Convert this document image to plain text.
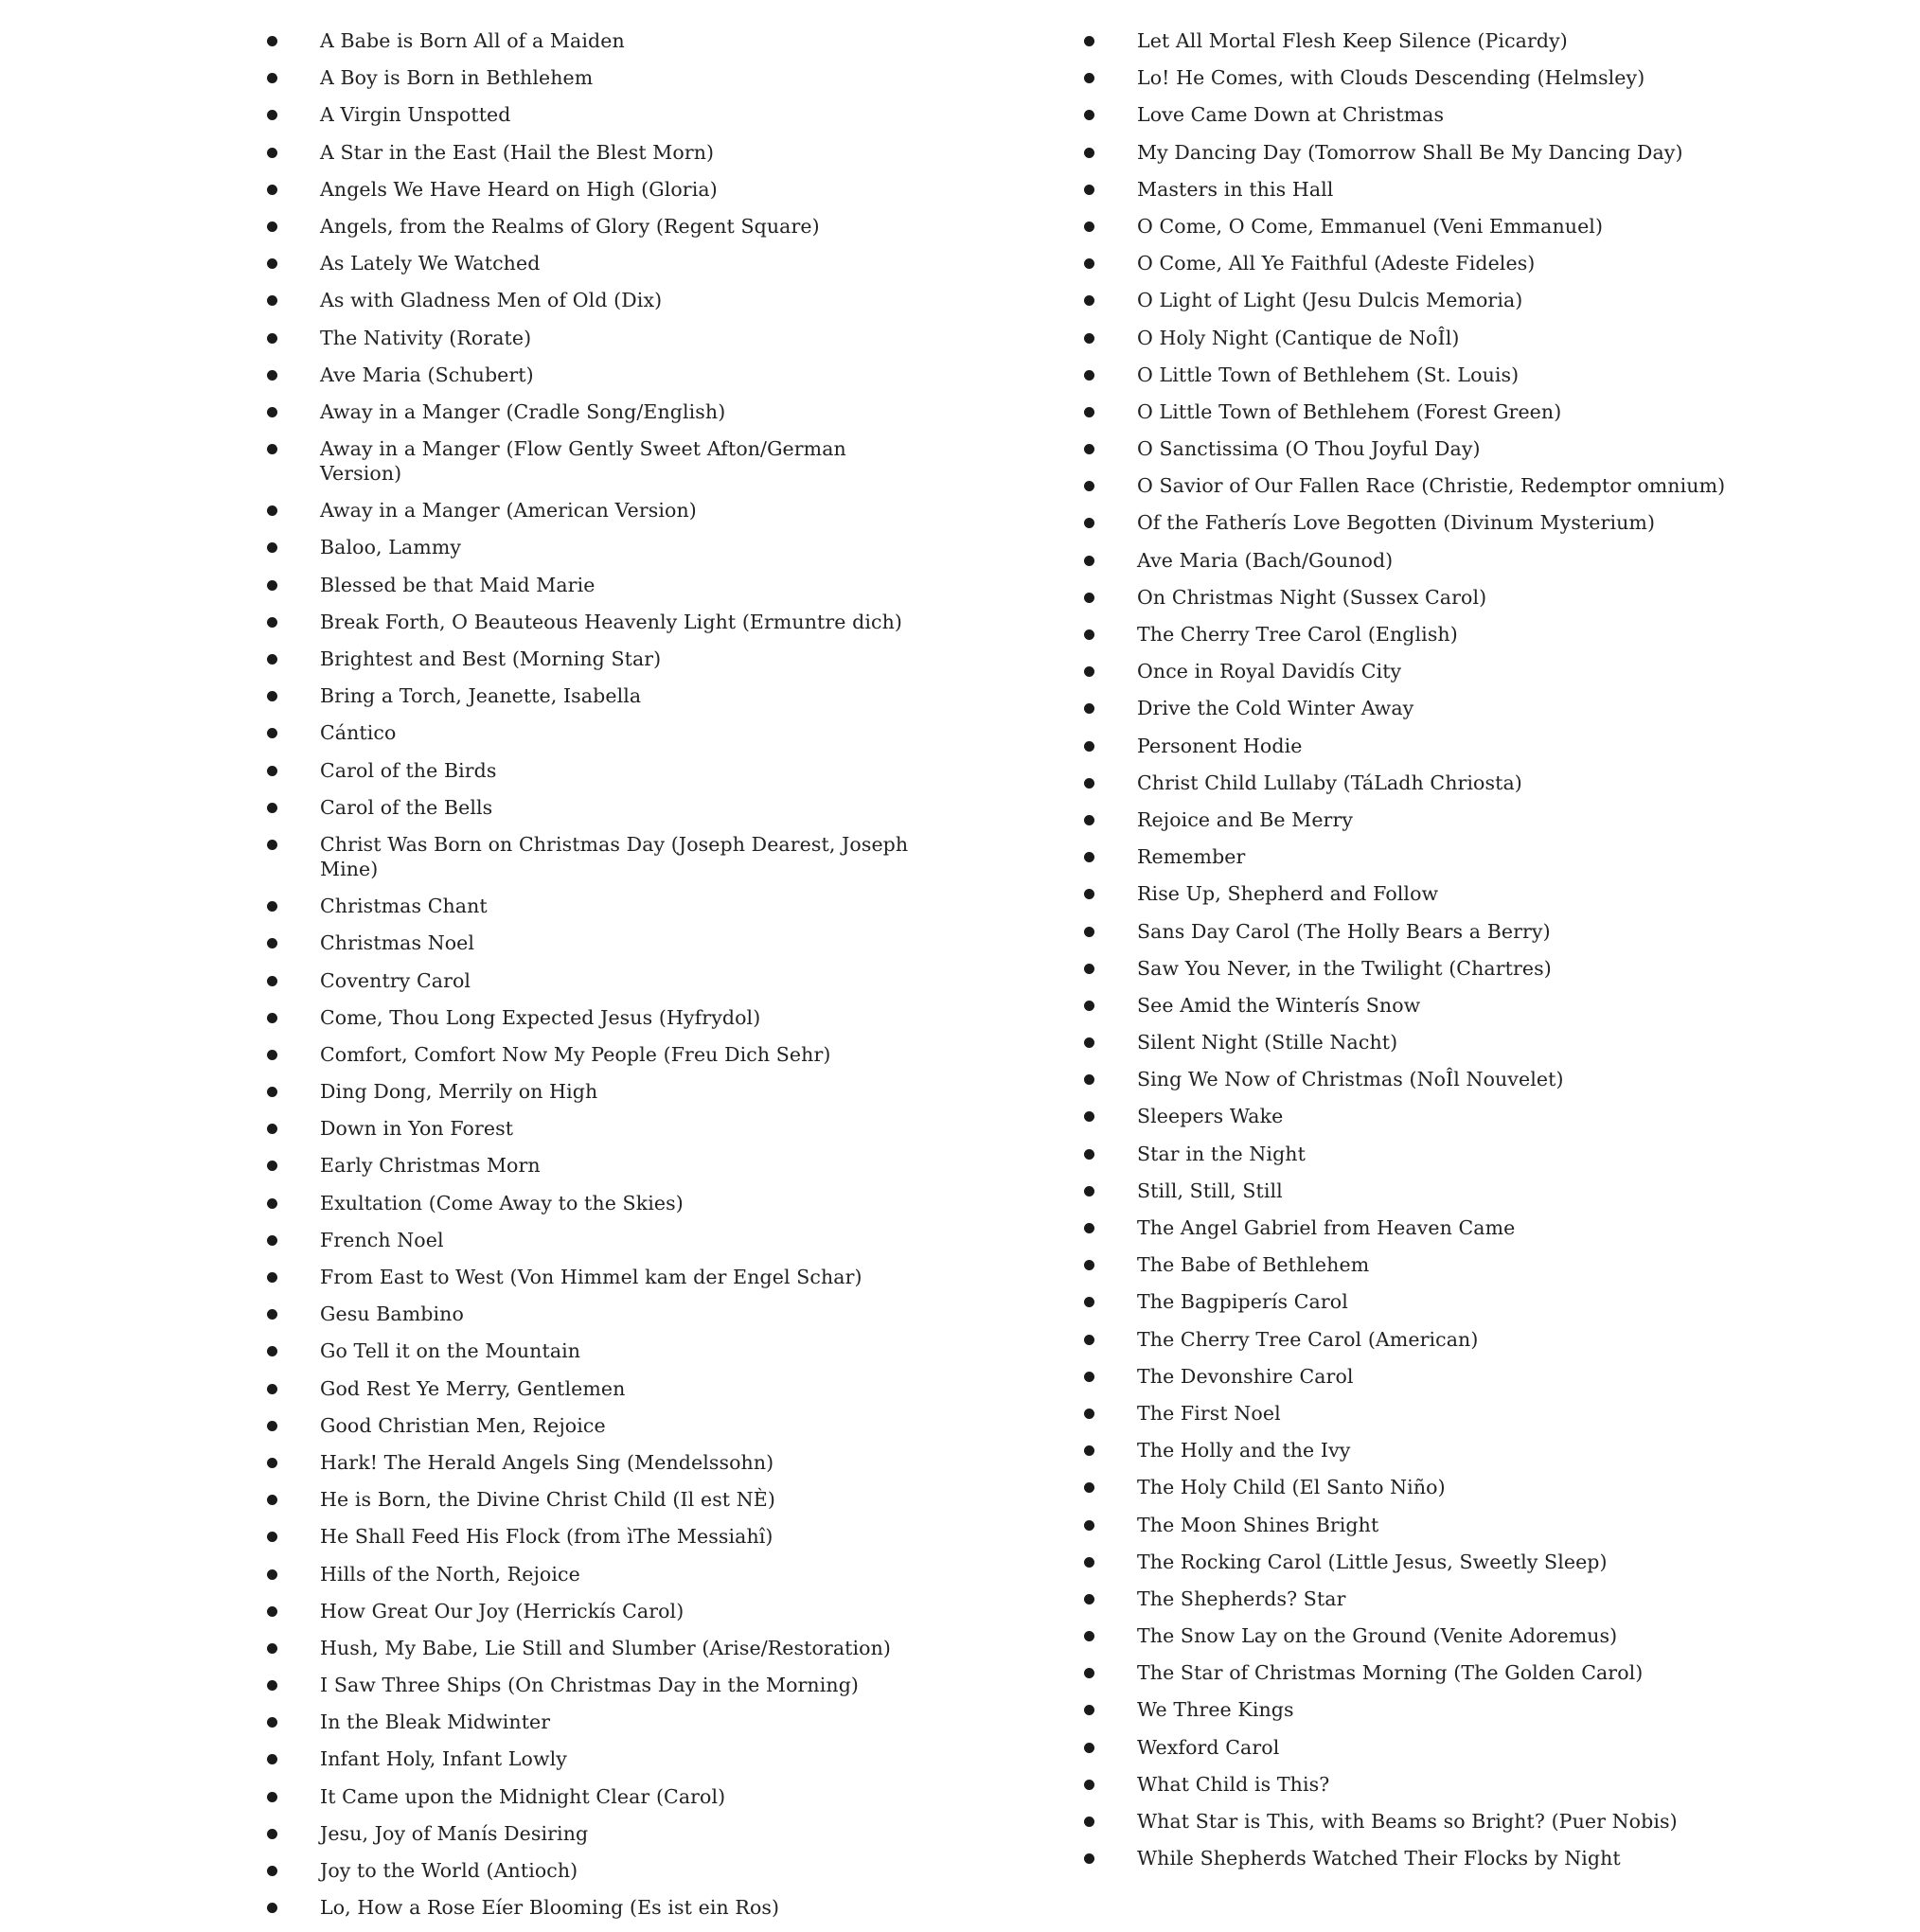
A Babe is Born All of a Maiden
A Boy is Born in Bethlehem
A Virgin Unspotted
A Star in the East (Hail the Blest Morn)
Angels We Have Heard on High (Gloria)
Angels, from the Realms of Glory (Regent Square)
As Lately We Watched
As with Gladness Men of Old (Dix)
The Nativity (Rorate)
Ave Maria (Schubert)
Away in a Manger (Cradle Song/English)
Away in a Manger (Flow Gently Sweet Afton/German Version)
Away in a Manger (American Version)
Baloo, Lammy
Blessed be that Maid Marie
Break Forth, O Beauteous Heavenly Light (Ermuntre dich)
Brightest and Best (Morning Star)
Bring a Torch, Jeanette, Isabella
Cántico
Carol of the Birds
Carol of the Bells
Christ Was Born on Christmas Day (Joseph Dearest, Joseph Mine)
Christmas Chant
Christmas Noel
Coventry Carol
Come, Thou Long Expected Jesus (Hyfrydol)
Comfort, Comfort Now My People (Freu Dich Sehr)
Ding Dong, Merrily on High
Down in Yon Forest
Early Christmas Morn
Exultation (Come Away to the Skies)
French Noel
From East to West (Von Himmel kam der Engel Schar)
Gesu Bambino
Go Tell it on the Mountain
God Rest Ye Merry, Gentlemen
Good Christian Men, Rejoice
Hark! The Herald Angels Sing (Mendelssohn)
He is Born, the Divine Christ Child (Il est NÈ)
He Shall Feed His Flock (from ìThe Messiahî)
Hills of the North, Rejoice
How Great Our Joy (Herrickís Carol)
Hush, My Babe, Lie Still and Slumber (Arise/Restoration)
I Saw Three Ships (On Christmas Day in the Morning)
In the Bleak Midwinter
Infant Holy, Infant Lowly
It Came upon the Midnight Clear (Carol)
Jesu, Joy of Manís Desiring
Joy to the World (Antioch)
Lo, How a Rose Eíer Blooming (Es ist ein Ros)
Let All Mortal Flesh Keep Silence (Picardy)
Lo! He Comes, with Clouds Descending (Helmsley)
Love Came Down at Christmas
My Dancing Day (Tomorrow Shall Be My Dancing Day)
Masters in this Hall
O Come, O Come, Emmanuel (Veni Emmanuel)
O Come, All Ye Faithful (Adeste Fideles)
O Light of Light (Jesu Dulcis Memoria)
O Holy Night (Cantique de NoÎl)
O Little Town of Bethlehem (St. Louis)
O Little Town of Bethlehem (Forest Green)
O Sanctissima (O Thou Joyful Day)
O Savior of Our Fallen Race (Christie, Redemptor omnium)
Of the Fatherís Love Begotten (Divinum Mysterium)
Ave Maria (Bach/Gounod)
On Christmas Night (Sussex Carol)
The Cherry Tree Carol (English)
Once in Royal Davidís City
Drive the Cold Winter Away
Personent Hodie
Christ Child Lullaby (TáLadh Chriosta)
Rejoice and Be Merry
Remember
Rise Up, Shepherd and Follow
Sans Day Carol (The Holly Bears a Berry)
Saw You Never, in the Twilight (Chartres)
See Amid the Winterís Snow
Silent Night (Stille Nacht)
Sing We Now of Christmas (NoÎl Nouvelet)
Sleepers Wake
Star in the Night
Still, Still, Still
The Angel Gabriel from Heaven Came
The Babe of Bethlehem
The Bagpiperís Carol
The Cherry Tree Carol (American)
The Devonshire Carol
The First Noel
The Holly and the Ivy
The Holy Child (El Santo Niño)
The Moon Shines Bright
The Rocking Carol (Little Jesus, Sweetly Sleep)
The Shepherds? Star
The Snow Lay on the Ground (Venite Adoremus)
The Star of Christmas Morning (The Golden Carol)
We Three Kings
Wexford Carol
What Child is This?
What Star is This, with Beams so Bright? (Puer Nobis)
While Shepherds Watched Their Flocks by Night
